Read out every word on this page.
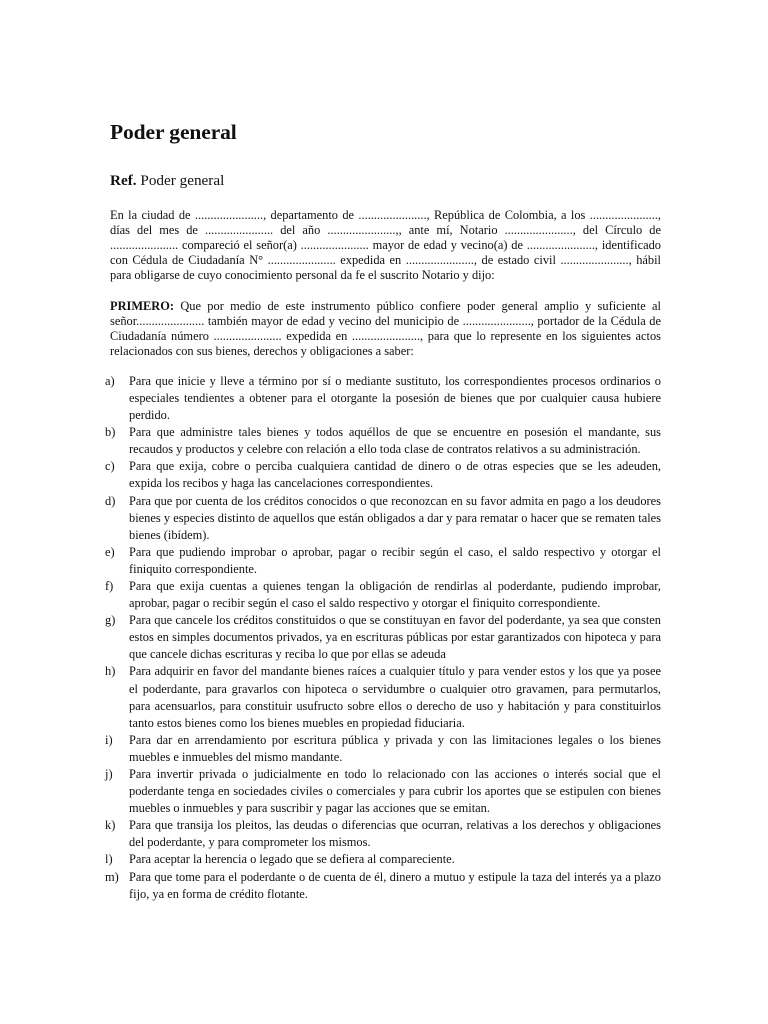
Poder general
Ref. Poder general

En la ciudad de ......................, departamento de ......................, República de Colombia, a los ......................, días del mes de ...................... del año ......................,, ante mí, Notario ......................, del Círculo de ...................... compareció el señor(a) ...................... mayor de edad y vecino(a) de ......................, identificado con Cédula de Ciudadanía N° ...................... expedida en ......................, de estado civil ......................, hábil para obligarse de cuyo conocimiento personal da fe el suscrito Notario y dijo:

PRIMERO: Que por medio de este instrumento público confiere poder general amplio y suficiente al señor...................... también mayor de edad y vecino del municipio de ......................, portador de la Cédula de Ciudadanía número ...................... expedida en ......................, para que lo represente en los siguientes actos relacionados con sus bienes, derechos y obligaciones a saber:

a) Para que inicie y lleve a término por sí o mediante sustituto, los correspondientes procesos ordinarios o especiales tendientes a obtener para el otorgante la posesión de bienes que por cualquier causa hubiere perdido.
b) Para que administre tales bienes y todos aquéllos de que se encuentre en posesión el mandante, sus recaudos y productos y celebre con relación a ello toda clase de contratos relativos a su administración.
c) Para que exija, cobre o perciba cualquiera cantidad de dinero o de otras especies que se les adeuden, expida los recibos y haga las cancelaciones correspondientes.
d) Para que por cuenta de los créditos conocidos o que reconozcan en su favor admita en pago a los deudores bienes y especies distinto de aquellos que están obligados a dar y para rematar o hacer que se rematen tales bienes (ibídem).
e) Para que pudiendo improbar o aprobar, pagar o recibir según el caso, el saldo respectivo y otorgar el finiquito correspondiente.
f) Para que exija cuentas a quienes tengan la obligación de rendirlas al poderdante, pudiendo improbar, aprobar, pagar o recibir según el caso el saldo respectivo y otorgar el finiquito correspondiente.
g) Para que cancele los créditos constituidos o que se constituyan en favor del poderdante, ya sea que consten estos en simples documentos privados, ya en escrituras públicas por estar garantizados con hipoteca y para que cancele dichas escrituras y reciba lo que por ellas se adeuda
h) Para adquirir en favor del mandante bienes raíces a cualquier título y para vender estos y los que ya posee el poderdante, para gravarlos con hipoteca o servidumbre o cualquier otro gravamen, para permutarlos, para acensuarlos, para constituir usufructo sobre ellos o derecho de uso y habitación y para constituirlos tanto estos bienes como los bienes muebles en propiedad fiduciaria.
i) Para dar en arrendamiento por escritura pública y privada y con las limitaciones legales o los bienes muebles e inmuebles del mismo mandante.
j) Para invertir privada o judicialmente en todo lo relacionado con las acciones o interés social que el poderdante tenga en sociedades civiles o comerciales y para cubrir los aportes que se estipulen con bienes muebles o inmuebles y para suscribir y pagar las acciones que se emitan.
k) Para que transija los pleitos, las deudas o diferencias que ocurran, relativas a los derechos y obligaciones del poderdante, y para comprometer los mismos.
l) Para aceptar la herencia o legado que se defiera al compareciente.
m) Para que tome para el poderdante o de cuenta de él, dinero a mutuo y estipule la taza del interés ya a plazo fijo, ya en forma de crédito flotante.
